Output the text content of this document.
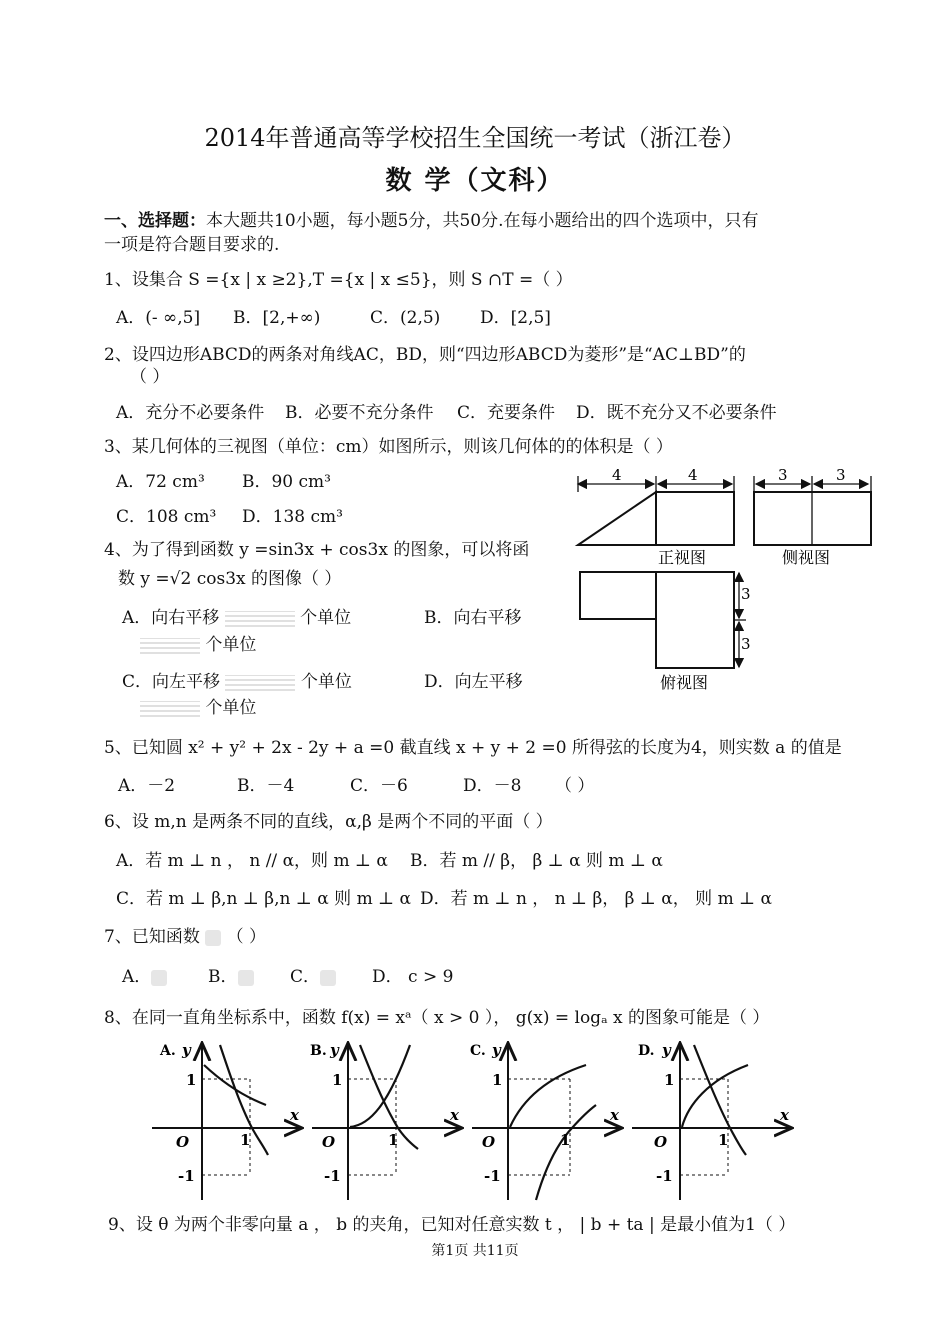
2014年普通高等学校招生全国统一考试（浙江卷）
数 学（文科）
一、选择题：本大题共10小题，每小题5分，共50分.在每小题给出的四个选项中，只有
一项是符合题目要求的.
1、设集合 S ={x | x ≥2},T ={x | x ≤5}，则 S ∩T =（ ）
A．(- ∞,5] B．[2,+∞)	C．(2,5) D．[2,5]
2、设四边形ABCD的两条对角线AC，BD，则“四边形ABCD为菱形”是“AC⊥BD”的
（ ）
A．充分不必要条件 B．必要不充分条件 C．充要条件 D．既不充分又不必要条件
3、某几何体的三视图（单位：cm）如图所示，则该几何体的的体积是（ ）
A．72 cm³ B．90 cm³
C．108 cm³ D．138 cm³
4	4
正视图
3	3
侧视图
3
3
俯视图
4、为了得到函数 y =sin3x + cos3x 的图象，可以将函
数 y =√2 cos3x 的图像（ ）
A．向右平移	个单位	B．向右平移
个单位
C．向左平移	个单位	D．向左平移
个单位
5、已知圆 x² + y² + 2x - 2y + a =0 截直线 x + y + 2 =0 所得弦的长度为4，则实数 a 的值是
A．－2	B．－4	C．－6	D．－8 （ ）
6、设 m,n 是两条不同的直线，α,β 是两个不同的平面（ ）
A．若 m ⊥ n ， n // α，则 m ⊥ α B．若 m // β， β ⊥ α 则 m ⊥ α
C．若 m ⊥ β,n ⊥ β,n ⊥ α 则 m ⊥ α D．若 m ⊥ n ， n ⊥ β， β ⊥ α， 则 m ⊥ α
7、已知函数 （ ）
A．	B．	C．	D． c > 9
8、在同一直角坐标系中，函数 f(x) = xᵃ（ x > 0 ）， g(x) = logₐ x 的图象可能是（ ）
A. y
x
O
1
-1
1
B. y
x
O
1
-1
1
C. y
x
O
1
-1
1
D. y
x
O
1
-1
1
9、设 θ 为两个非零向量 a ， b 的夹角，已知对任意实数 t ， | b + ta | 是最小值为1（ ）
第1页 共11页
